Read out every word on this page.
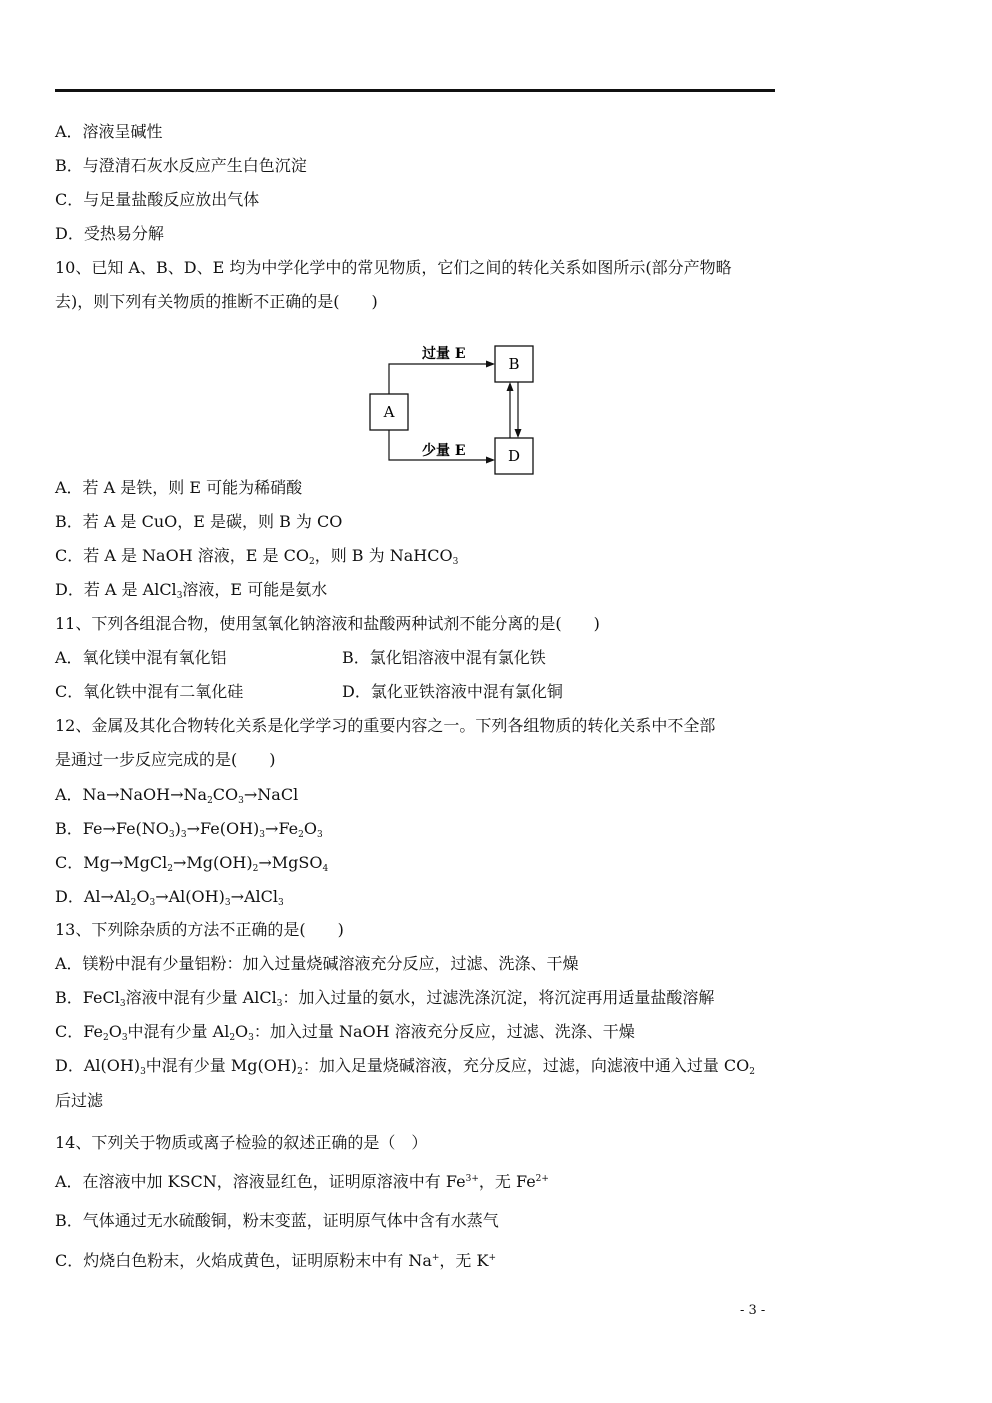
A．溶液呈碱性
B．与澄清石灰水反应产生白色沉淀
C．与足量盐酸反应放出气体
D．受热易分解
10、已知 A、B、D、E 均为中学化学中的常见物质，它们之间的转化关系如图所示(部分产物略
去)，则下列有关物质的推断不正确的是(　　)
A
B
D
过量 E
少量 E
A．若 A 是铁，则 E 可能为稀硝酸
B．若 A 是 CuO，E 是碳，则 B 为 CO
C．若 A 是 NaOH 溶液，E 是 $CO_2$，则 B 为 NaHCO$_3$
D．若 A 是 AlCl$_3$溶液，E 可能是氨水
11、下列各组混合物，使用氢氧化钠溶液和盐酸两种试剂不能分离的是(　　)
A．氧化镁中混有氧化铝	B．氯化铝溶液中混有氯化铁
C．氧化铁中混有二氧化硅	D．氯化亚铁溶液中混有氯化铜
12、金属及其化合物转化关系是化学学习的重要内容之一。下列各组物质的转化关系中不全部
是通过一步反应完成的是(　　)
A．$Na\to NaOH\to Na_2CO_3\to NaCl$
B．$Fe\to Fe(NO_3)_3\to Fe(OH)_3\to Fe_2O_3$
C．$Mg\to MgCl_2\to Mg(OH)_2\to MgSO_4$
D．$Al\to Al_2O_3\to Al(OH)_3\to AlCl_3$
13、下列除杂质的方法不正确的是(　　)
A．镁粉中混有少量铝粉：加入过量烧碱溶液充分反应，过滤、洗涤、干燥
B．FeCl$_3$溶液中混有少量 AlCl$_3$：加入过量的氨水，过滤洗涤沉淀，将沉淀再用适量盐酸溶解
C．$Fe_2O_3$中混有少量 $Al_2O_3$：加入过量 NaOH 溶液充分反应，过滤、洗涤、干燥
D．$Al(OH)_3$中混有少量 $Mg(OH)_2$：加入足量烧碱溶液，充分反应，过滤，向滤液中通入过量 $CO_2$
后过滤
14、下列关于物质或离子检验的叙述正确的是（　）
A．在溶液中加 KSCN，溶液显红色，证明原溶液中有 $Fe^{3+}$，无 $Fe^{2+}$
B．气体通过无水硫酸铜，粉末变蓝，证明原气体中含有水蒸气
C．灼烧白色粉末，火焰成黄色，证明原粉末中有 Na+，无 K+
- 3 -
